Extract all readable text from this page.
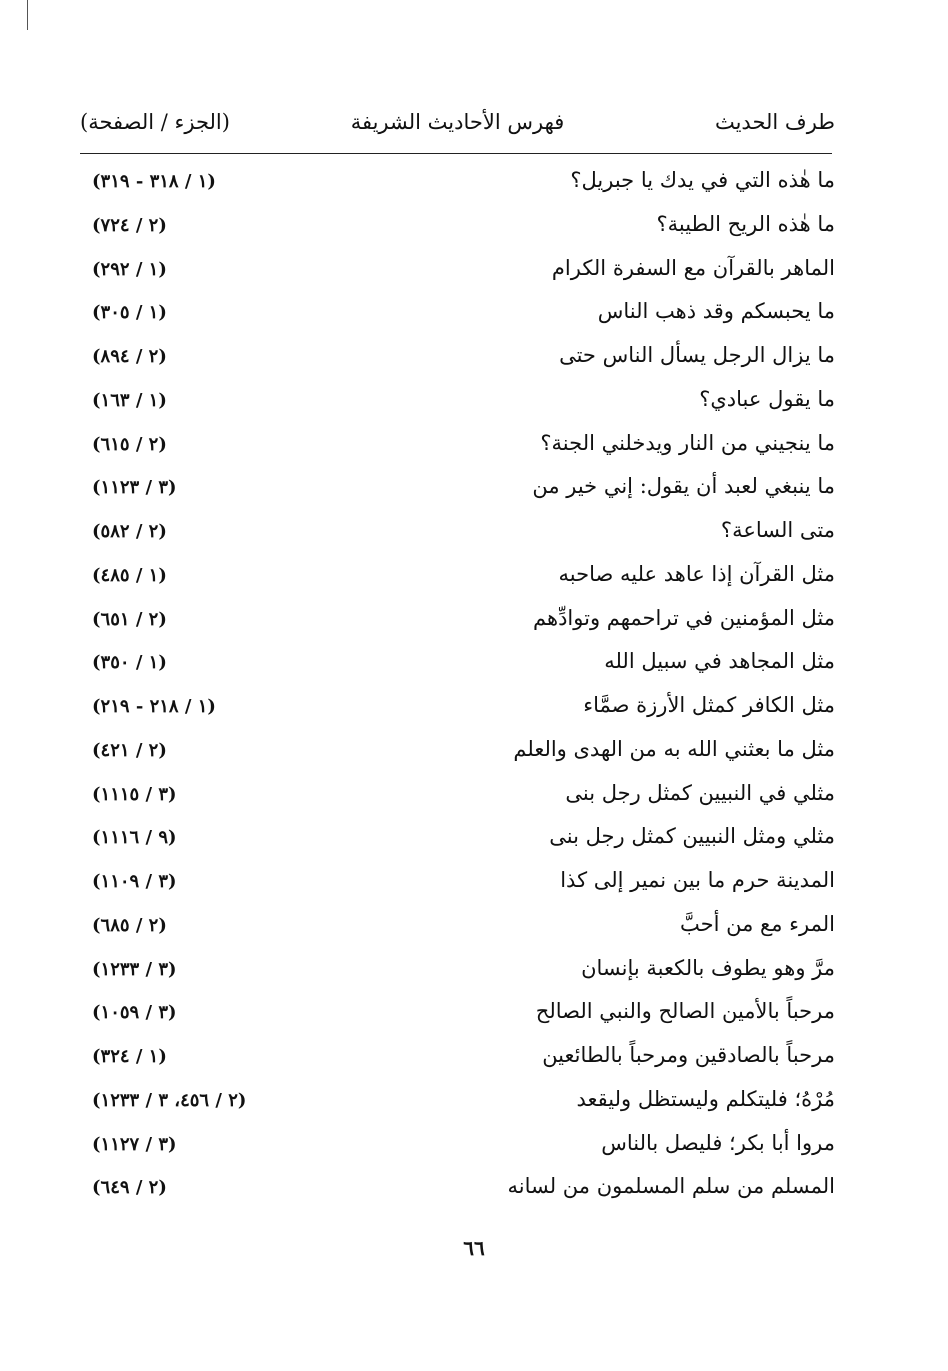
طرف الحديث
فهرس الأحاديث الشريفة
(الجزء / الصفحة)
ما هٰذه التي في يدك يا جبريل؟
(١ / ٣١٨ - ٣١٩)
ما هٰذه الريح الطيبة؟
(٢ / ٧٢٤)
الماهر بالقرآن مع السفرة الكرام
(١ / ٢٩٢)
ما يحبسكم وقد ذهب الناس
(١ / ٣٠٥)
ما يزال الرجل يسأل الناس حتى
(٢ / ٨٩٤)
ما يقول عبادي؟
(١ / ١٦٣)
ما ينجيني من النار ويدخلني الجنة؟
(٢ / ٦١٥)
ما ينبغي لعبد أن يقول: إني خير من
(٣ / ١١٢٣)
متى الساعة؟
(٢ / ٥٨٢)
مثل القرآن إذا عاهد عليه صاحبه
(١ / ٤٨٥)
مثل المؤمنين في تراحمهم وتوادِّهم
(٢ / ٦٥١)
مثل المجاهد في سبيل الله
(١ / ٣٥٠)
مثل الكافر كمثل الأرزة صمَّاء
(١ / ٢١٨ - ٢١٩)
مثل ما بعثني الله به من الهدى والعلم
(٢ / ٤٢١)
مثلي في النبيين كمثل رجل بنى
(٣ / ١١١٥)
مثلي ومثل النبيين كمثل رجل بنى
(٩ / ١١١٦)
المدينة حرم ما بين نمير إلى كذا
(٣ / ١١٠٩)
المرء مع من أحبَّ
(٢ / ٦٨٥)
مرَّ وهو يطوف بالكعبة بإنسان
(٣ / ١٢٣٣)
مرحباً بالأمين الصالح والنبي الصالح
(٣ / ١٠٥٩)
مرحباً بالصادقين ومرحباً بالطائعين
(١ / ٣٢٤)
مُرْهُ؛ فليتكلم وليستظل وليقعد
(٢ / ٤٥٦، ٣ / ١٢٣٣)
مروا أبا بكر؛ فليصل بالناس
(٣ / ١١٢٧)
المسلم من سلم المسلمون من لسانه
(٢ / ٦٤٩)
٦٦
